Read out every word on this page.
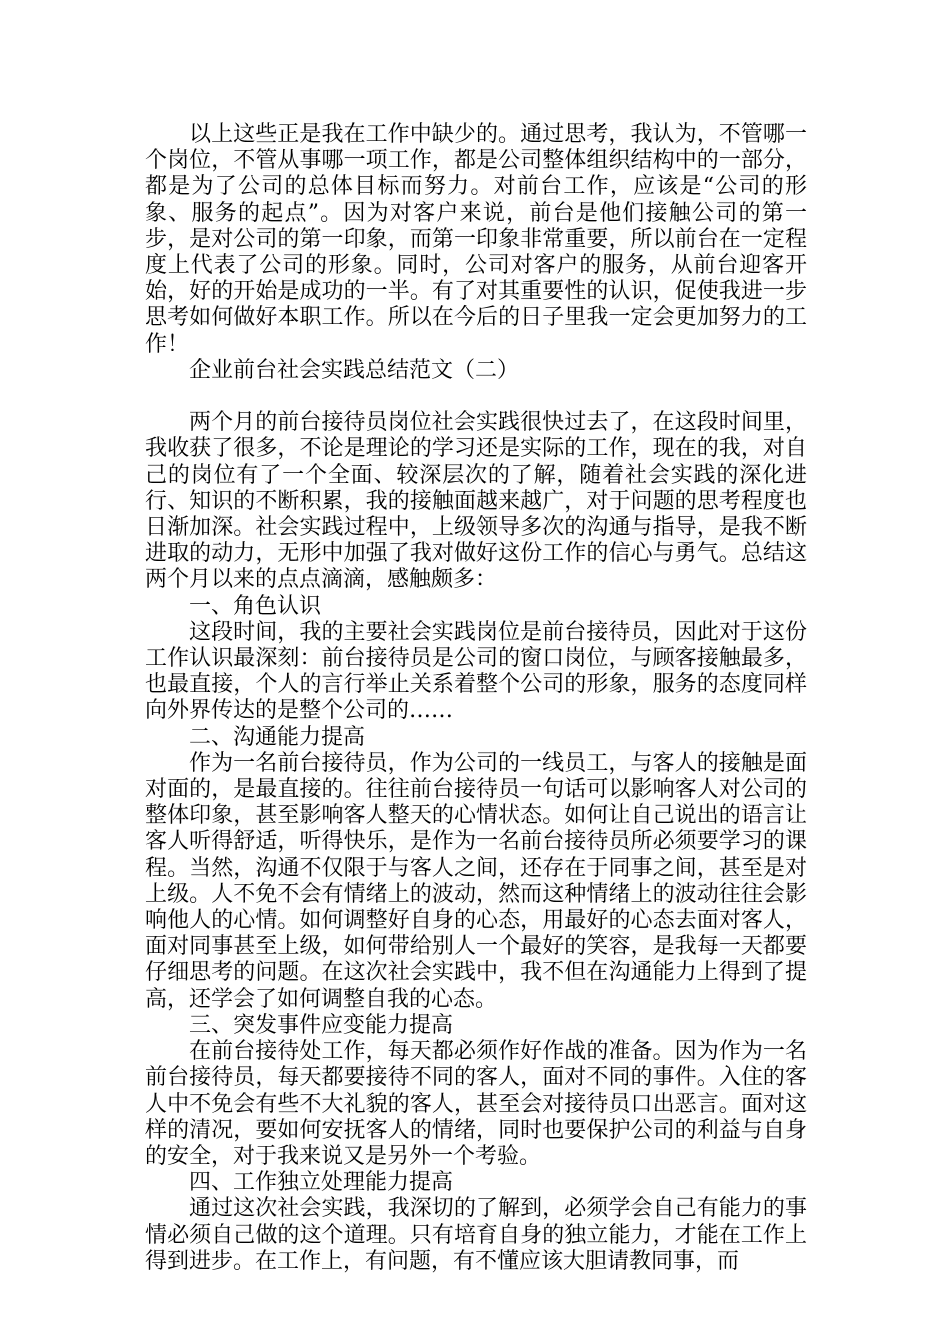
以上这些正是我在工作中缺少的。通过思考，我认为，不管哪一个岗位，不管从事哪一项工作，都是公司整体组织结构中的一部分，都是为了公司的总体目标而努力。对前台工作，应该是“公司的形象、服务的起点”。因为对客户来说，前台是他们接触公司的第一步，是对公司的第一印象，而第一印象非常重要，所以前台在一定程度上代表了公司的形象。同时，公司对客户的服务，从前台迎客开始，好的开始是成功的一半。有了对其重要性的认识，促使我进一步思考如何做好本职工作。所以在今后的日子里我一定会更加努力的工作！

企业前台社会实践总结范文（二）

两个月的前台接待员岗位社会实践很快过去了，在这段时间里，我收获了很多，不论是理论的学习还是实际的工作，现在的我，对自己的岗位有了一个全面、较深层次的了解，随着社会实践的深化进行、知识的不断积累，我的接触面越来越广，对于问题的思考程度也日渐加深。社会实践过程中，上级领导多次的沟通与指导，是我不断进取的动力，无形中加强了我对做好这份工作的信心与勇气。总结这两个月以来的点点滴滴，感触颇多：

一、角色认识

这段时间，我的主要社会实践岗位是前台接待员，因此对于这份工作认识最深刻：前台接待员是公司的窗口岗位，与顾客接触最多，也最直接，个人的言行举止关系着整个公司的形象，服务的态度同样向外界传达的是整个公司的……

二、沟通能力提高

作为一名前台接待员，作为公司的一线员工，与客人的接触是面对面的，是最直接的。往往前台接待员一句话可以影响客人对公司的整体印象，甚至影响客人整天的心情状态。如何让自己说出的语言让客人听得舒适，听得快乐，是作为一名前台接待员所必须要学习的课程。当然，沟通不仅限于与客人之间，还存在于同事之间，甚至是对上级。人不免不会有情绪上的波动，然而这种情绪上的波动往往会影响他人的心情。如何调整好自身的心态，用最好的心态去面对客人，面对同事甚至上级，如何带给别人一个最好的笑容，是我每一天都要仔细思考的问题。在这次社会实践中，我不但在沟通能力上得到了提高，还学会了如何调整自我的心态。

三、突发事件应变能力提高

在前台接待处工作，每天都必须作好作战的准备。因为作为一名前台接待员，每天都要接待不同的客人，面对不同的事件。入住的客人中不免会有些不大礼貌的客人，甚至会对接待员口出恶言。面对这样的清况，要如何安抚客人的情绪，同时也要保护公司的利益与自身的安全，对于我来说又是另外一个考验。

四、工作独立处理能力提高

通过这次社会实践，我深切的了解到，必须学会自己有能力的事情必须自己做的这个道理。只有培育自身的独立能力，才能在工作上得到进步。在工作上，有问题，有不懂应该大胆请教同事，而
